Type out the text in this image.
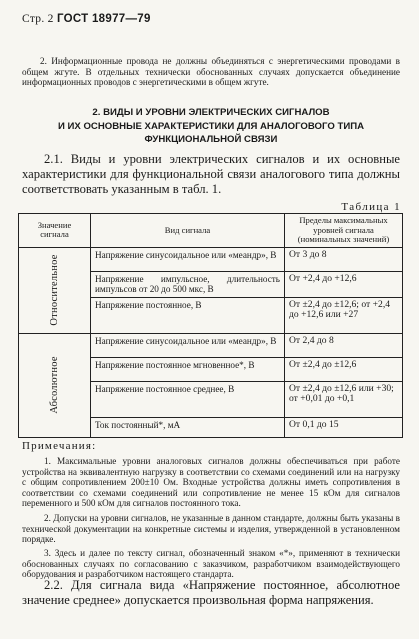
Стр. 2 ГОСТ 18977—79
2. Информационные провода не должны объединяться с энергетическими проводами в общем жгуте. В отдельных технически обоснованных случаях допускается объединение информационных проводов с энергетическими в общем жгуте.
2. ВИДЫ И УРОВНИ ЭЛЕКТРИЧЕСКИХ СИГНАЛОВ
И ИХ ОСНОВНЫЕ ХАРАКТЕРИСТИКИ ДЛЯ АНАЛОГОВОГО ТИПА
ФУНКЦИОНАЛЬНОЙ СВЯЗИ
2.1. Виды и уровни электрических сигналов и их основные характеристики для функциональной связи аналогового типа должны соответствовать указанным в табл. 1.
Таблица 1
Значение сигнала	Вид сигнала	Пределы максимальных уровней сигнала (номинальных значений)

Относительное	Напряжение синусоидальное или «меандр», В	От 3 до 8
	Напряжение импульсное, длительность импульсов от 20 до 500 мкс, В	От +2,4 до +12,6
	Напряжение постоянное, В	От ±2,4 до ±12,6; от +2,4 до +12,6 или +27

Абсолютное	Напряжение синусоидальное или «меандр», В	От 2,4 до 8
	Напряжение постоянное мгновенное*, В	От ±2,4 до ±12,6
	Напряжение постоянное среднее, В	От ±2,4 до ±12,6 или +30; от +0,01 до +0,1
	Ток постоянный*, мА	От 0,1 до 15
Примечания:
1. Максимальные уровни аналоговых сигналов должны обеспечиваться при работе устройства на эквивалентную нагрузку в соответствии со схемами соединений или на нагрузку с общим сопротивлением 200±10 Ом. Входные устройства должны иметь сопротивления в соответствии со схемами соединений или сопротивление не менее 15 кОм для сигналов переменного и 500 кОм для сигналов постоянного тока.
2. Допуски на уровни сигналов, не указанные в данном стандарте, должны быть указаны в технической документации на конкретные системы и изделия, утвержденной в установленном порядке.
3. Здесь и далее по тексту сигнал, обозначенный знаком «*», применяют в технически обоснованных случаях по согласованию с заказчиком, разработчиком взаимодействующего оборудования и разработчиком настоящего стандарта.
2.2. Для сигнала вида «Напряжение постоянное, абсолютное значение среднее» допускается произвольная форма напряжения.
